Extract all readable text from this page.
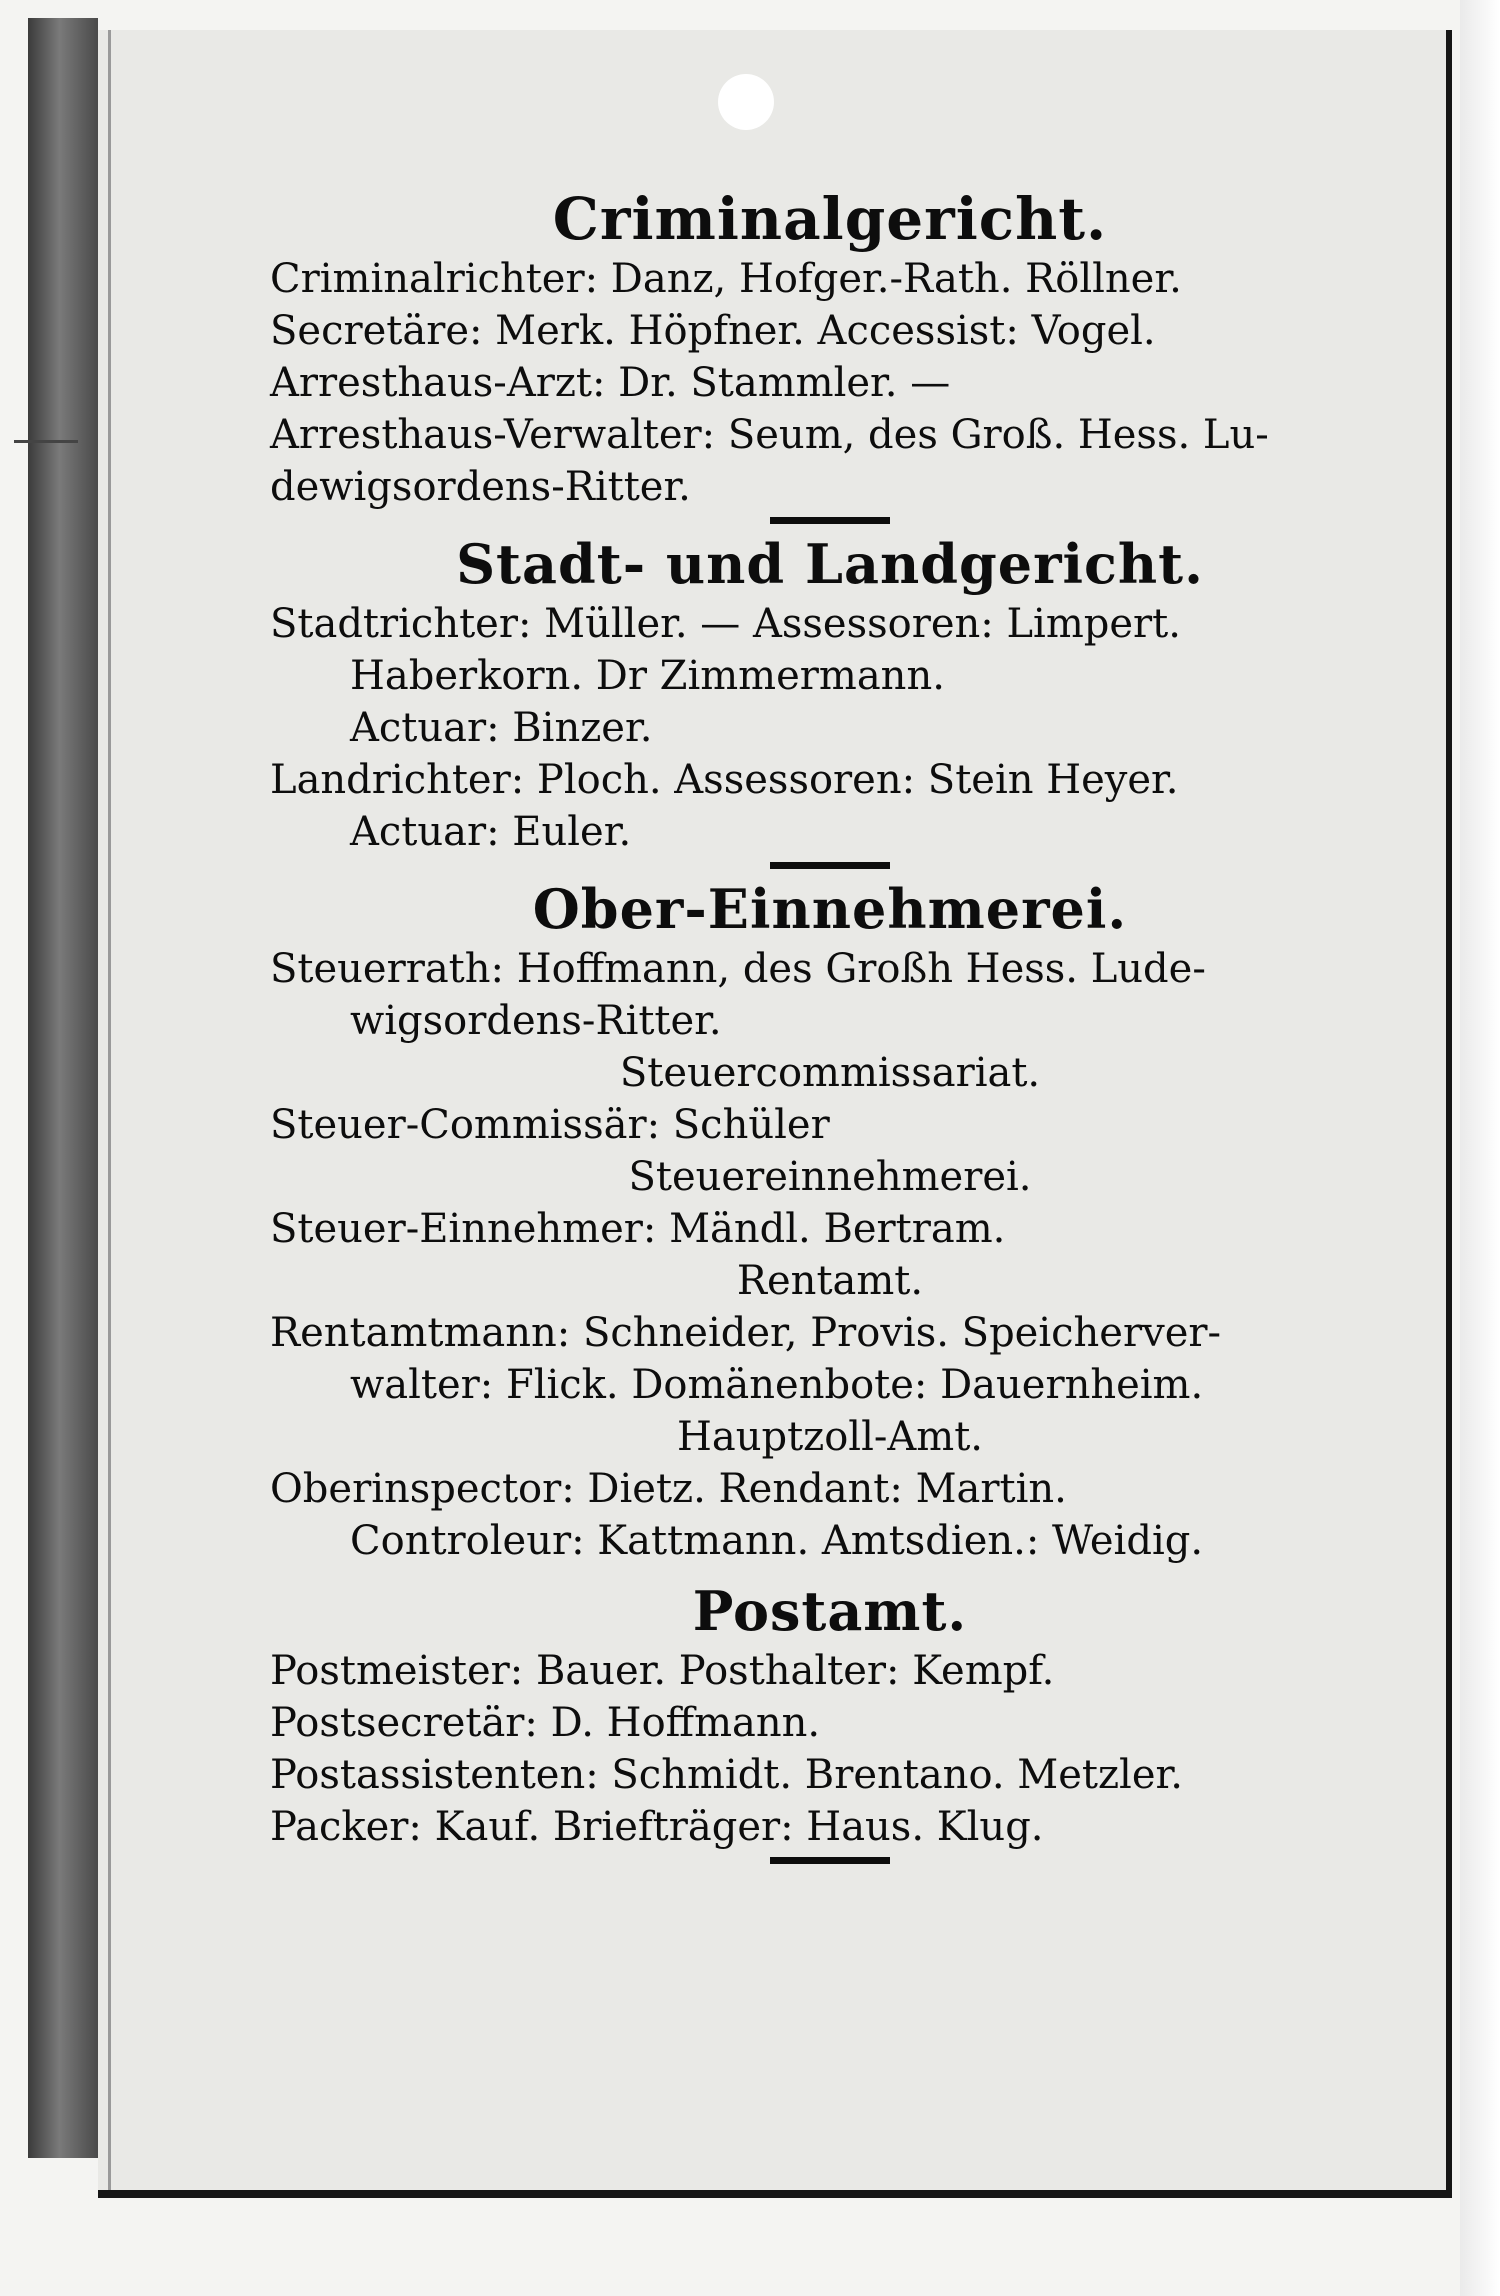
Criminalgericht.
Criminalrichter: Danz, Hofger.-Rath. Röllner.
Secretäre: Merk. Höpfner. Accessist: Vogel.
Arresthaus-Arzt: Dr. Stammler. —
Arresthaus-Verwalter: Seum, des Groß. Hess. Lu-
dewigsordens-Ritter.
Stadt- und Landgericht.
Stadtrichter: Müller. — Assessoren: Limpert.
Haberkorn. Dr Zimmermann.
Actuar: Binzer.
Landrichter: Ploch. Assessoren: Stein Heyer.
Actuar: Euler.
Ober-Einnehmerei.
Steuerrath: Hoffmann, des Großh Hess. Lude-
wigsordens-Ritter.
Steuercommissariat.
Steuer-Commissär: Schüler
Steuereinnehmerei.
Steuer-Einnehmer: Mändl. Bertram.
Rentamt.
Rentamtmann: Schneider, Provis. Speicherver-
walter: Flick. Domänenbote: Dauernheim.
Hauptzoll-Amt.
Oberinspector: Dietz. Rendant: Martin.
Controleur: Kattmann. Amtsdien.: Weidig.
Postamt.
Postmeister: Bauer. Posthalter: Kempf.
Postsecretär: D. Hoffmann.
Postassistenten: Schmidt. Brentano. Metzler.
Packer: Kauf. Briefträger: Haus. Klug.
